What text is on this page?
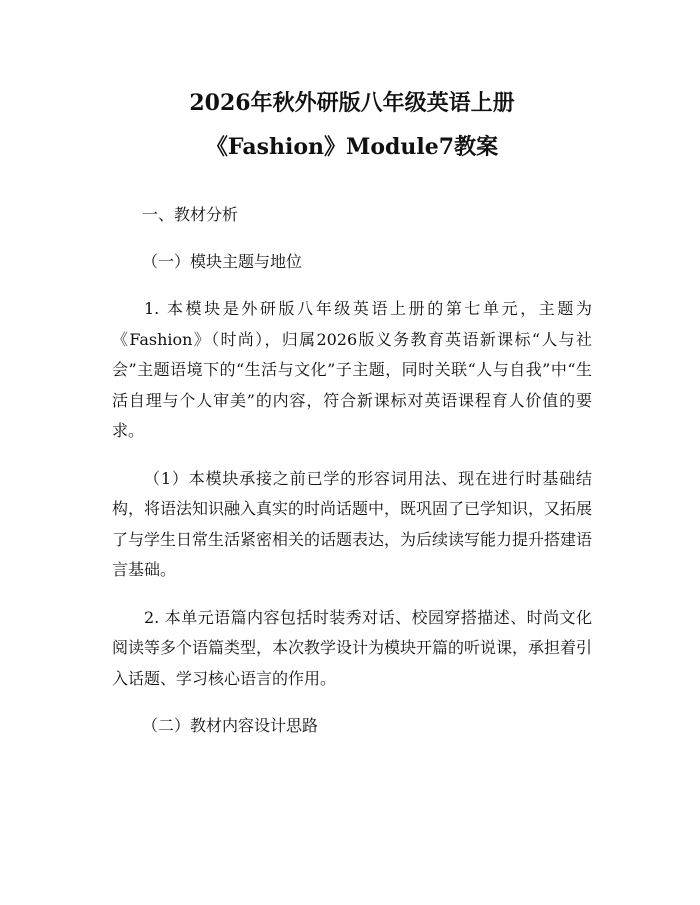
2026年秋外研版八年级英语上册
《Fashion》Module7教案

一、教材分析

（一）模块主题与地位

1. 本模块是外研版八年级英语上册的第七单元，主题为《Fashion》（时尚），归属2026版义务教育英语新课标“人与社会”主题语境下的“生活与文化”子主题，同时关联“人与自我”中“生活自理与个人审美”的内容，符合新课标对英语课程育人价值的要求。

（1）本模块承接之前已学的形容词用法、现在进行时基础结构，将语法知识融入真实的时尚话题中，既巩固了已学知识，又拓展了与学生日常生活紧密相关的话题表达，为后续读写能力提升搭建语言基础。

2. 本单元语篇内容包括时装秀对话、校园穿搭描述、时尚文化阅读等多个语篇类型，本次教学设计为模块开篇的听说课，承担着引入话题、学习核心语言的作用。

（二）教材内容设计思路
